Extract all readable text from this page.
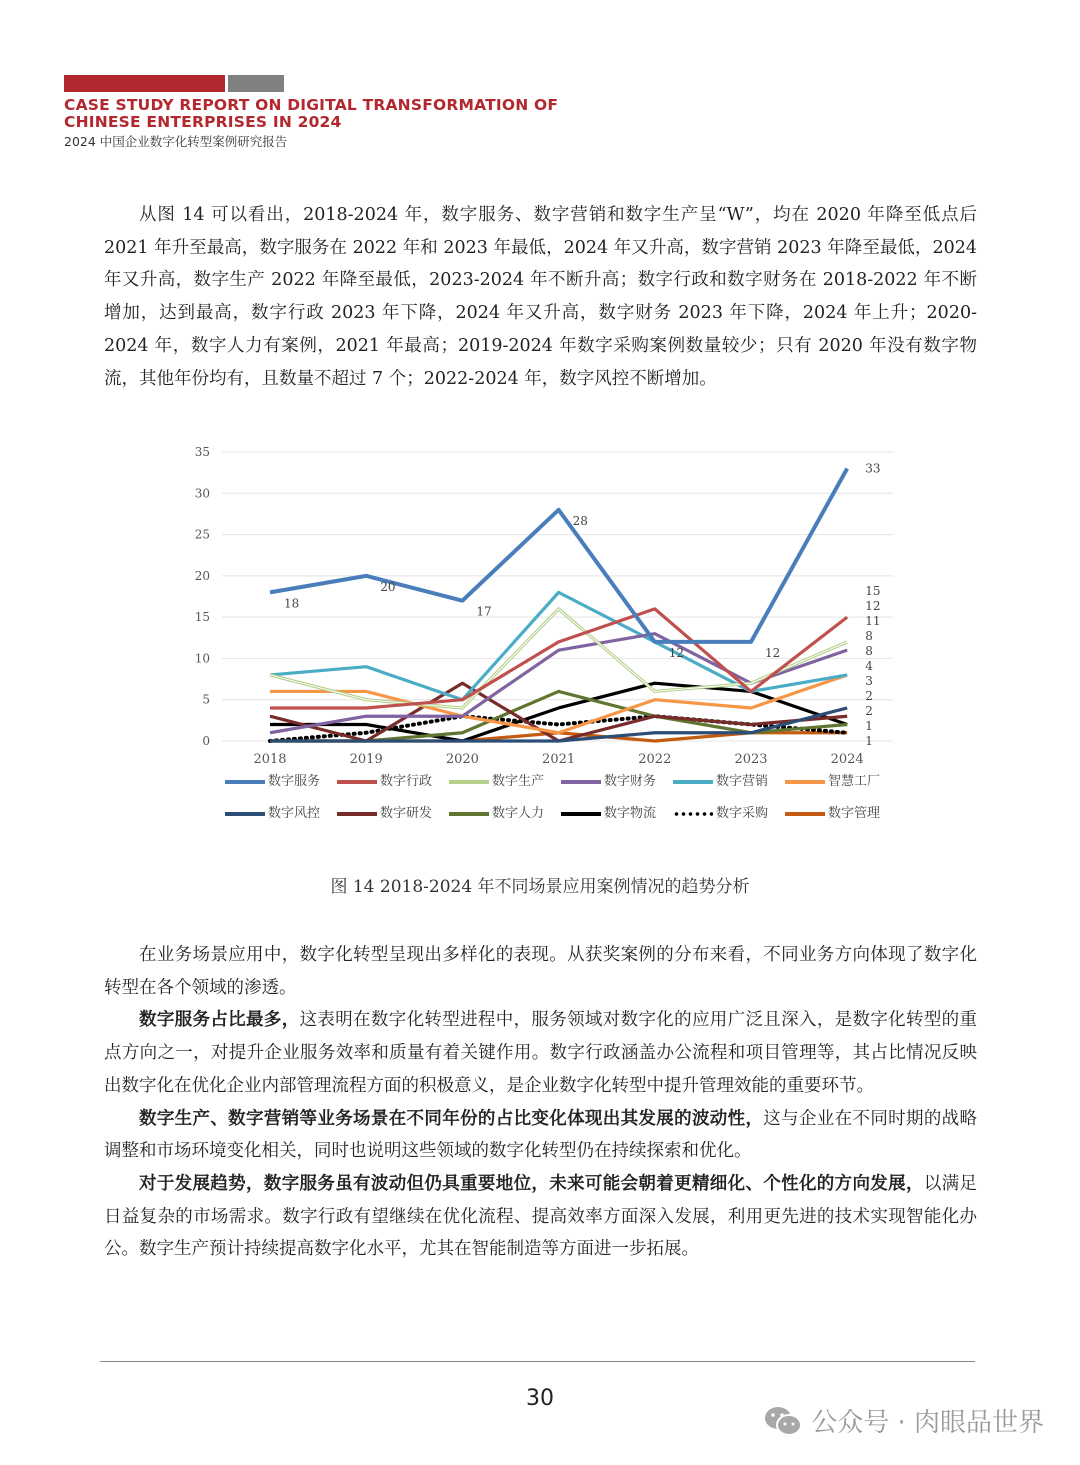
CASE STUDY REPORT ON DIGITAL TRANSFORMATION OF
CHINESE ENTERPRISES IN 2024
2024 中国企业数字化转型案例研究报告

从图 14 可以看出，2018-2024 年，数字服务、数字营销和数字生产呈“W”，均在 2020 年降至低点后 2021 年升至最高，数字服务在 2022 年和 2023 年最低，2024 年又升高，数字营销 2023 年降至最低，2024 年又升高，数字生产 2022 年降至最低，2023-2024 年不断升高；数字行政和数字财务在 2018-2022 年不断增加，达到最高，数字行政 2023 年下降，2024 年又升高，数字财务 2023 年下降，2024 年上升；2020-2024 年，数字人力有案例，2021 年最高；2019-2024 年数字采购案例数量较少；只有 2020 年没有数字物流，其他年份均有，且数量不超过 7 个；2022-2024 年，数字风控不断增加。

0
5
10
15
20
25
30
35
2018	2019	2020	2021	2022	2023	2024
18
20
17
28
12	12
33
15
12
11
8
8
4
3
2
2
1
1
数字服务	数字行政	数字生产	数字财务	数字营销	智慧工厂
数字风控	数字研发	数字人力	数字物流	数字采购	数字管理
图 14 2018-2024 年不同场景应用案例情况的趋势分析

在业务场景应用中，数字化转型呈现出多样化的表现。从获奖案例的分布来看，不同业务方向体现了数字化转型在各个领域的渗透。

数字服务占比最多，这表明在数字化转型进程中，服务领域对数字化的应用广泛且深入，是数字化转型的重点方向之一，对提升企业服务效率和质量有着关键作用。数字行政涵盖办公流程和项目管理等，其占比情况反映出数字化在优化企业内部管理流程方面的积极意义，是企业数字化转型中提升管理效能的重要环节。

数字生产、数字营销等业务场景在不同年份的占比变化体现出其发展的波动性，这与企业在不同时期的战略调整和市场环境变化相关，同时也说明这些领域的数字化转型仍在持续探索和优化。

对于发展趋势，数字服务虽有波动但仍具重要地位，未来可能会朝着更精细化、个性化的方向发展，以满足日益复杂的市场需求。数字行政有望继续在优化流程、提高效率方面深入发展，利用更先进的技术实现智能化办公。数字生产预计持续提高数字化水平，尤其在智能制造等方面进一步拓展。

30
公众号 · 肉眼品世界
